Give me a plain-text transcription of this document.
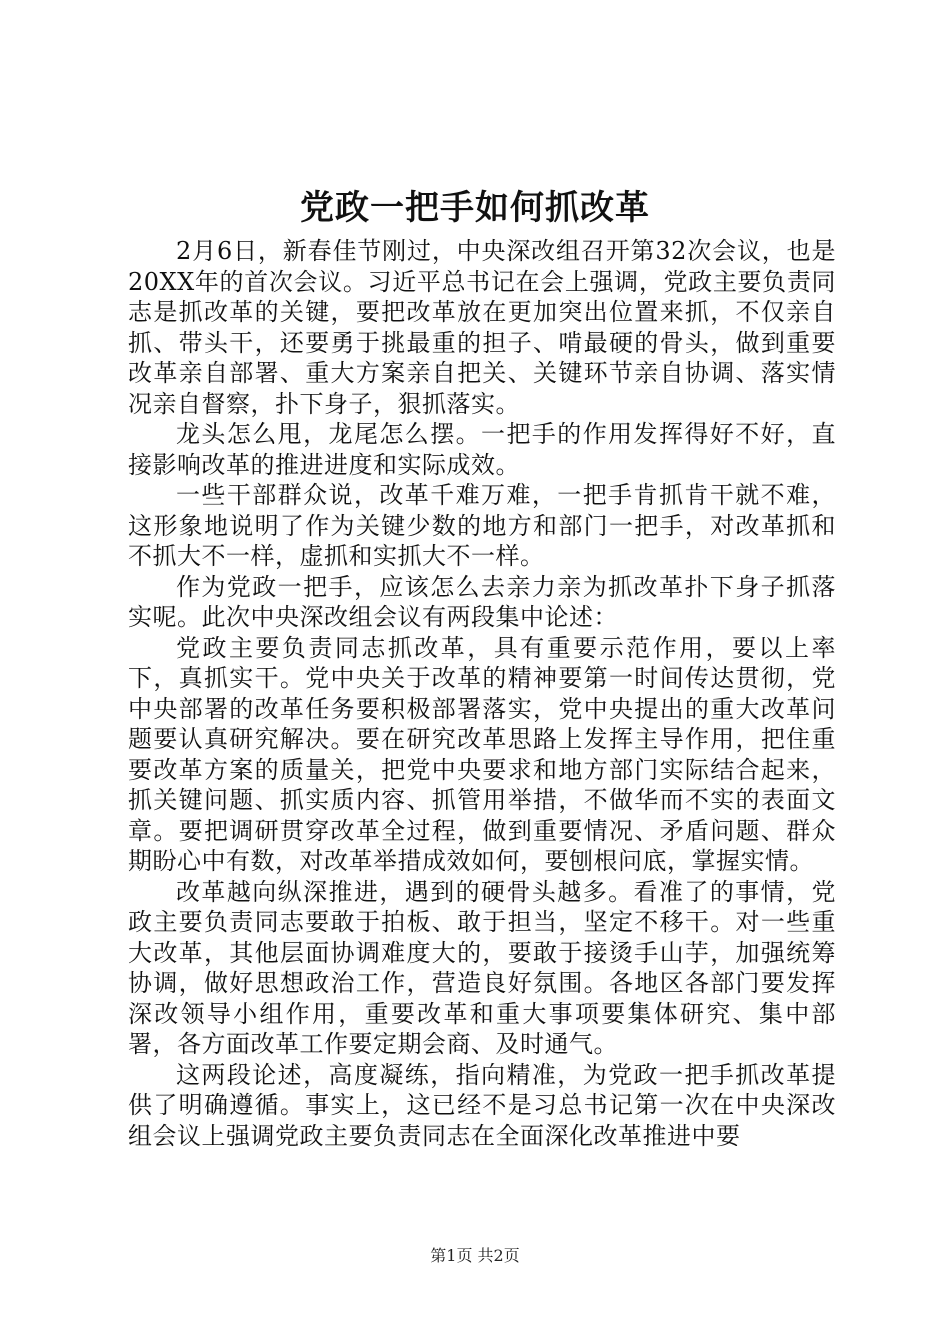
党政一把手如何抓改革

2月6日，新春佳节刚过，中央深改组召开第32次会议，也是20XX年的首次会议。习近平总书记在会上强调，党政主要负责同志是抓改革的关键，要把改革放在更加突出位置来抓，不仅亲自抓、带头干，还要勇于挑最重的担子、啃最硬的骨头，做到重要改革亲自部署、重大方案亲自把关、关键环节亲自协调、落实情况亲自督察，扑下身子，狠抓落实。

龙头怎么甩，龙尾怎么摆。一把手的作用发挥得好不好，直接影响改革的推进进度和实际成效。

一些干部群众说，改革千难万难，一把手肯抓肯干就不难，这形象地说明了作为关键少数的地方和部门一把手，对改革抓和不抓大不一样，虚抓和实抓大不一样。

作为党政一把手，应该怎么去亲力亲为抓改革扑下身子抓落实呢。此次中央深改组会议有两段集中论述：

党政主要负责同志抓改革，具有重要示范作用，要以上率下，真抓实干。党中央关于改革的精神要第一时间传达贯彻，党中央部署的改革任务要积极部署落实，党中央提出的重大改革问题要认真研究解决。要在研究改革思路上发挥主导作用，把住重要改革方案的质量关，把党中央要求和地方部门实际结合起来，抓关键问题、抓实质内容、抓管用举措，不做华而不实的表面文章。要把调研贯穿改革全过程，做到重要情况、矛盾问题、群众期盼心中有数，对改革举措成效如何，要刨根问底，掌握实情。

改革越向纵深推进，遇到的硬骨头越多。看准了的事情，党政主要负责同志要敢于拍板、敢于担当，坚定不移干。对一些重大改革，其他层面协调难度大的，要敢于接烫手山芋，加强统筹协调，做好思想政治工作，营造良好氛围。各地区各部门要发挥深改领导小组作用，重要改革和重大事项要集体研究、集中部署，各方面改革工作要定期会商、及时通气。

这两段论述，高度凝练，指向精准，为党政一把手抓改革提供了明确遵循。事实上，这已经不是习总书记第一次在中央深改组会议上强调党政主要负责同志在全面深化改革推进中要

第1页 共2页
